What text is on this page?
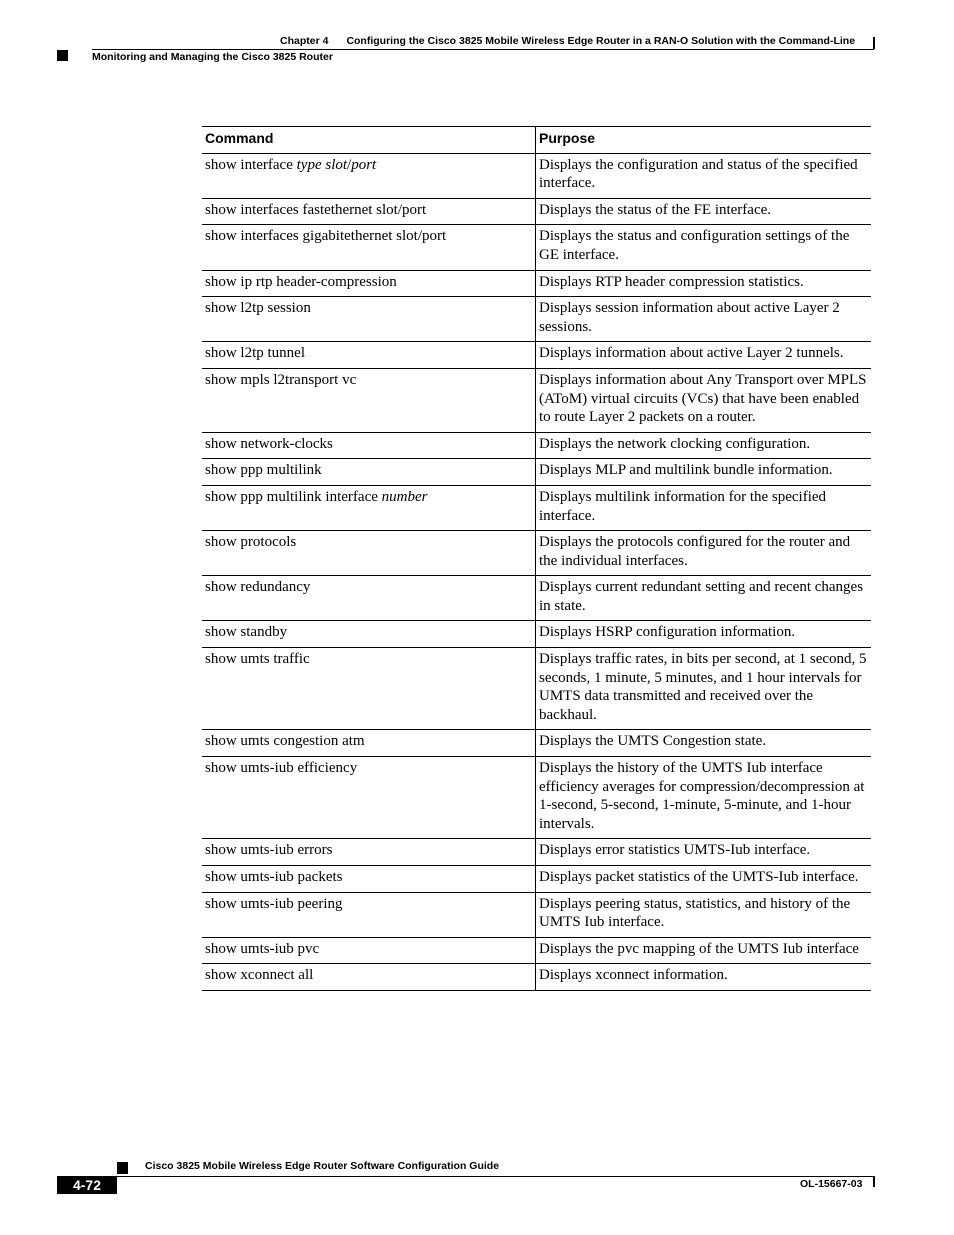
Chapter 4 Configuring the Cisco 3825 Mobile Wireless Edge Router in a RAN-O Solution with the Command-Line
Monitoring and Managing the Cisco 3825 Router
Command	Purpose
show interface type slot/port	Displays the configuration and status of the specified interface.
show interfaces fastethernet slot/port	Displays the status of the FE interface.
show interfaces gigabitethernet slot/port	Displays the status and configuration settings of the GE interface.
show ip rtp header-compression	Displays RTP header compression statistics.
show l2tp session	Displays session information about active Layer 2 sessions.
show l2tp tunnel	Displays information about active Layer 2 tunnels.
show mpls l2transport vc	Displays information about Any Transport over MPLS (AToM) virtual circuits (VCs) that have been enabled to route Layer 2 packets on a router.
show network-clocks	Displays the network clocking configuration.
show ppp multilink	Displays MLP and multilink bundle information.
show ppp multilink interface number	Displays multilink information for the specified interface.
show protocols	Displays the protocols configured for the router and the individual interfaces.
show redundancy	Displays current redundant setting and recent changes in state.
show standby	Displays HSRP configuration information.
show umts traffic	Displays traffic rates, in bits per second, at 1 second, 5 seconds, 1 minute, 5 minutes, and 1 hour intervals for UMTS data transmitted and received over the backhaul.
show umts congestion atm	Displays the UMTS Congestion state.
show umts-iub efficiency	Displays the history of the UMTS Iub interface efficiency averages for compression/decompression at 1-second, 5-second, 1-minute, 5-minute, and 1-hour intervals.
show umts-iub errors	Displays error statistics UMTS-Iub interface.
show umts-iub packets	Displays packet statistics of the UMTS-Iub interface.
show umts-iub peering	Displays peering status, statistics, and history of the UMTS Iub interface.
show umts-iub pvc	Displays the pvc mapping of the UMTS Iub interface
show xconnect all	Displays xconnect information.
Cisco 3825 Mobile Wireless Edge Router Software Configuration Guide
4-72	OL-15667-03
